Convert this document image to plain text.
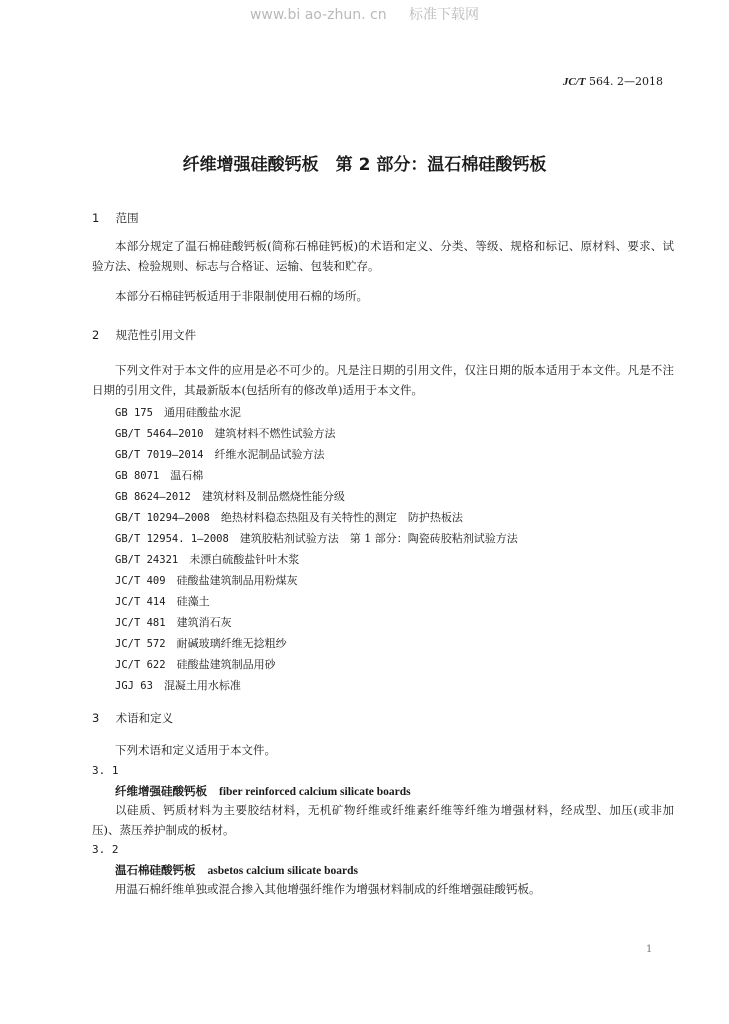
www.bi ao-zhun. cn 标准下载网
JC/T 564. 2—2018
纤维增强硅酸钙板　第 2 部分：温石棉硅酸钙板
1 范围
本部分规定了温石棉硅酸钙板(简称石棉硅钙板)的术语和定义、分类、等级、规格和标记、原材料、要求、试验方法、检验规则、标志与合格证、运输、包装和贮存。
本部分石棉硅钙板适用于非限制使用石棉的场所。
2 规范性引用文件
下列文件对于本文件的应用是必不可少的。凡是注日期的引用文件，仅注日期的版本适用于本文件。凡是不注日期的引用文件，其最新版本(包括所有的修改单)适用于本文件。
GB 175　 通用硅酸盐水泥
GB/T 5464—2010　 建筑材料不燃性试验方法
GB/T 7019—2014　 纤维水泥制品试验方法
GB 8071　 温石棉
GB 8624—2012　 建筑材料及制品燃烧性能分级
GB/T 10294—2008　 绝热材料稳态热阻及有关特性的测定　防护热板法
GB/T 12954. 1—2008　 建筑胶粘剂试验方法　第 1 部分：陶瓷砖胶粘剂试验方法
GB/T 24321　 未漂白硫酸盐针叶木浆
JC/T 409　 硅酸盐建筑制品用粉煤灰
JC/T 414　 硅藻土
JC/T 481　 建筑消石灰
JC/T 572　 耐碱玻璃纤维无捻粗纱
JC/T 622　 硅酸盐建筑制品用砂
JGJ 63　 混凝土用水标准
3 术语和定义
下列术语和定义适用于本文件。
3. 1
纤维增强硅酸钙板 fiber reinforced calcium silicate boards
以硅质、钙质材料为主要胶结材料，无机矿物纤维或纤维素纤维等纤维为增强材料，经成型、加压(或非加压)、蒸压养护制成的板材。
3. 2
温石棉硅酸钙板 asbetos calcium silicate boards
用温石棉纤维单独或混合掺入其他增强纤维作为增强材料制成的纤维增强硅酸钙板。
1
